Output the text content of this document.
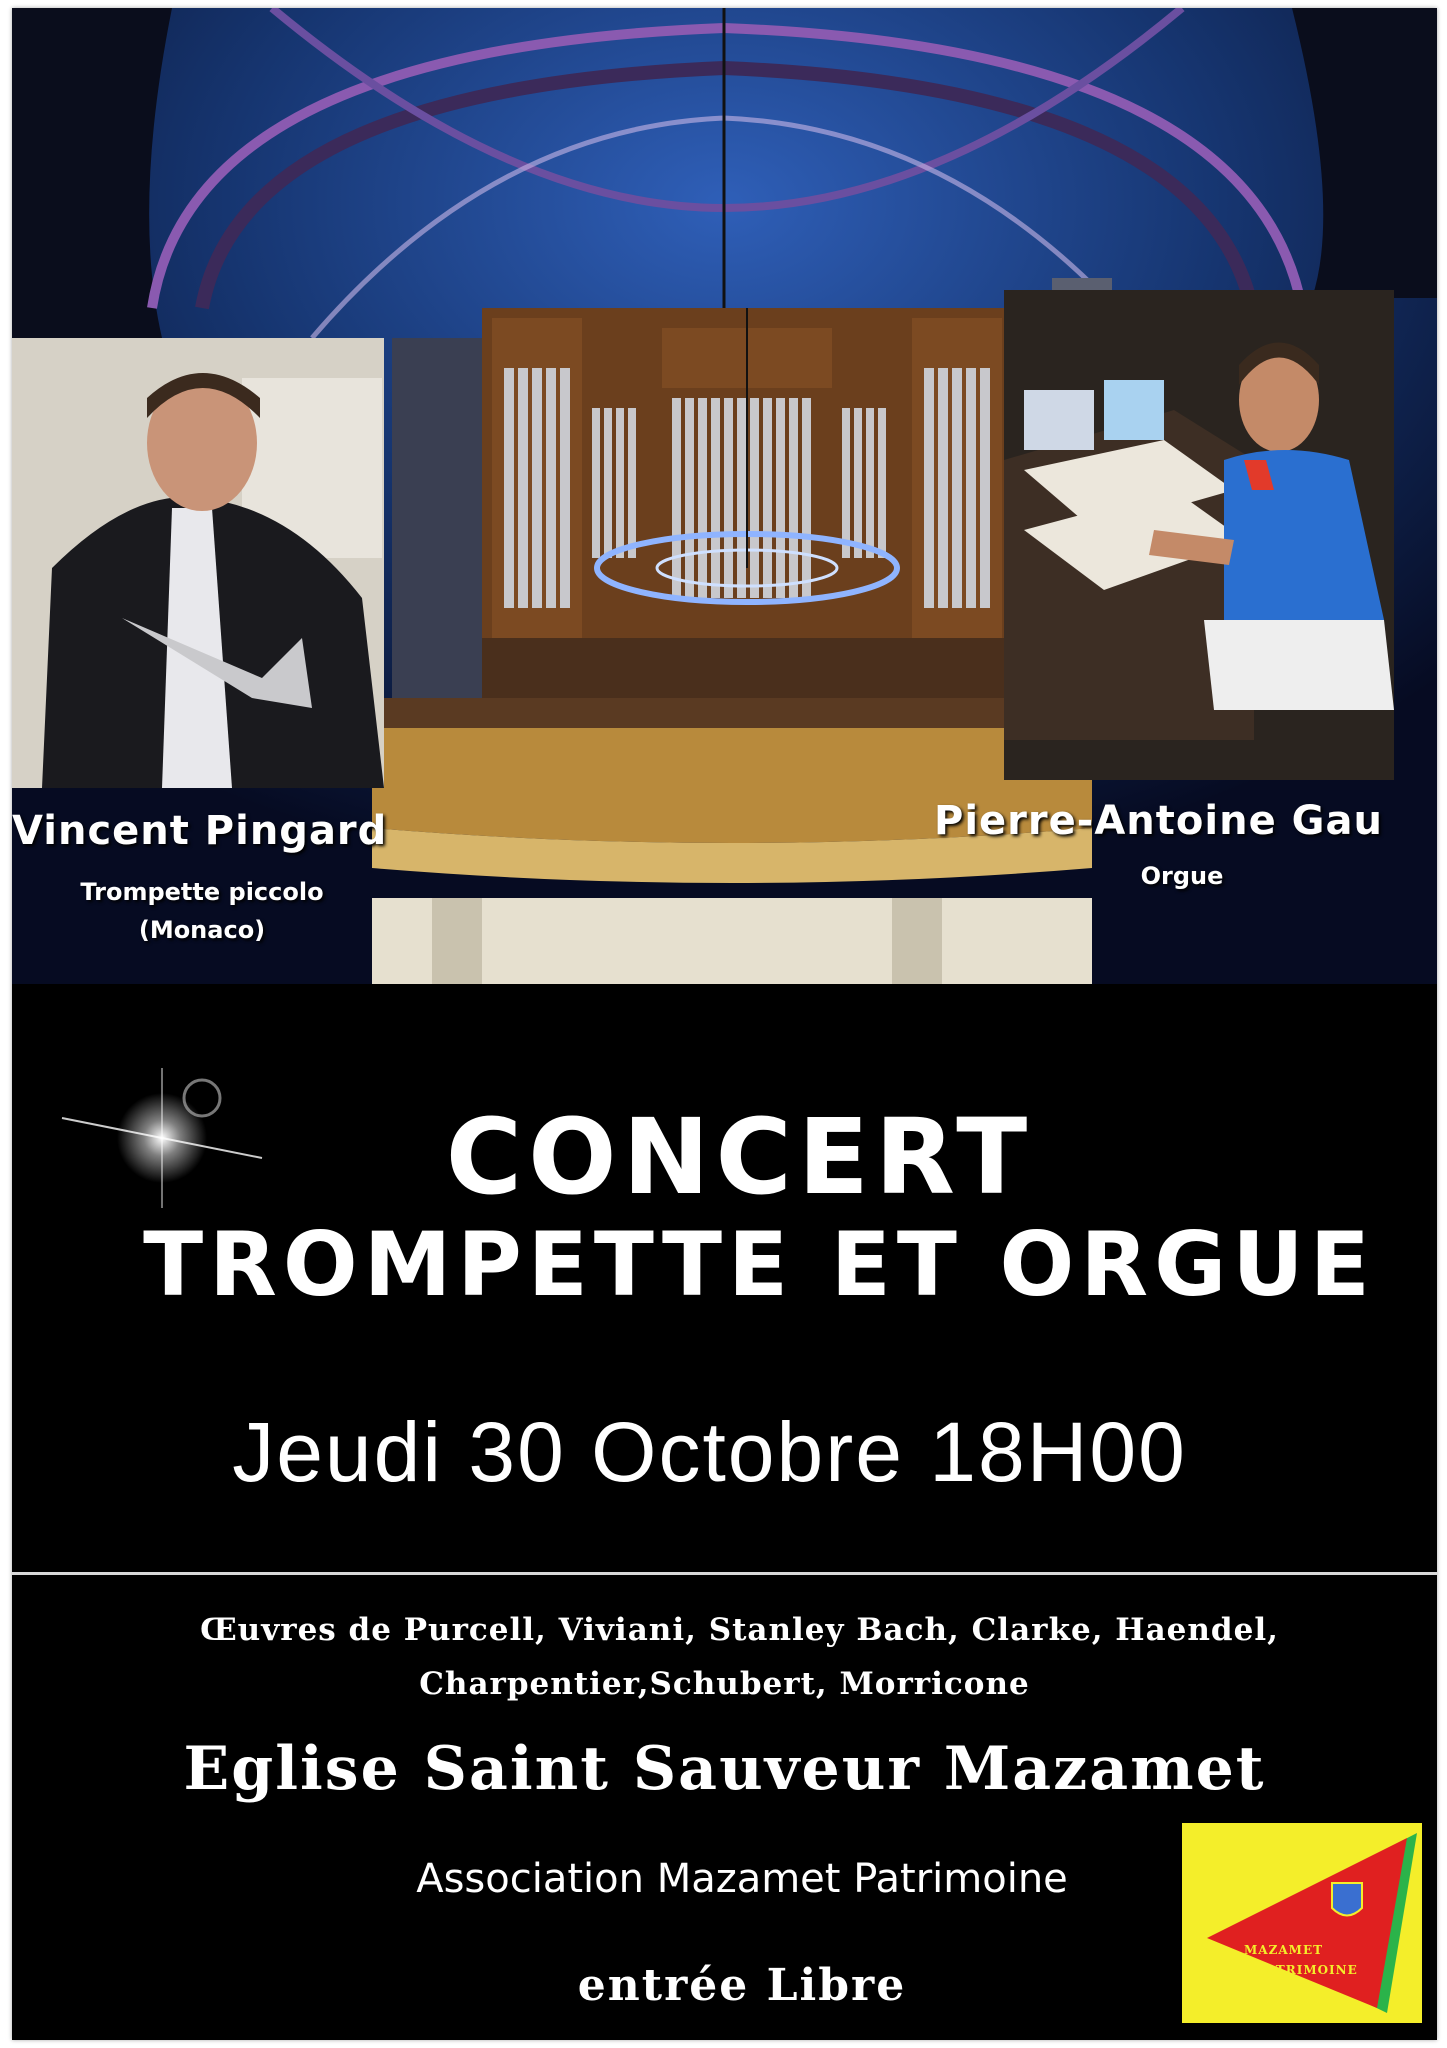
Vincent Pingard
Trompette piccolo
(Monaco)
Pierre-Antoine Gau
Orgue
CONCERT
TROMPETTE ET ORGUE
Jeudi 30 Octobre 18H00
Œuvres de Purcell, Viviani, Stanley Bach, Clarke, Haendel,
Charpentier,Schubert, Morricone
Eglise Saint Sauveur Mazamet
Association Mazamet Patrimoine
entrée Libre
MAZAMET
PATRIMOINE
